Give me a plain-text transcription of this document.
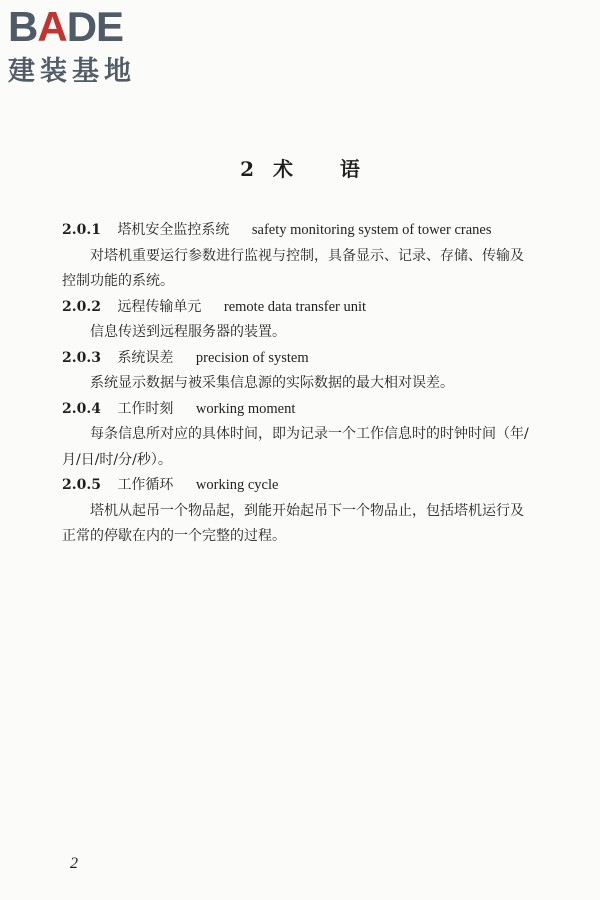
BADE
建装基地
2 术 语

2.0.1 塔机安全监控系统 safety monitoring system of tower cranes

对塔机重要运行参数进行监视与控制，具备显示、记录、存储、传输及控制功能的系统。

2.0.2 远程传输单元 remote data transfer unit

信息传送到远程服务器的装置。

2.0.3 系统误差 precision of system

系统显示数据与被采集信息源的实际数据的最大相对误差。

2.0.4 工作时刻 working moment

每条信息所对应的具体时间，即为记录一个工作信息时的时钟时间（年/月/日/时/分/秒）。

2.0.5 工作循环 working cycle

塔机从起吊一个物品起，到能开始起吊下一个物品止，包括塔机运行及正常的停歇在内的一个完整的过程。

2
